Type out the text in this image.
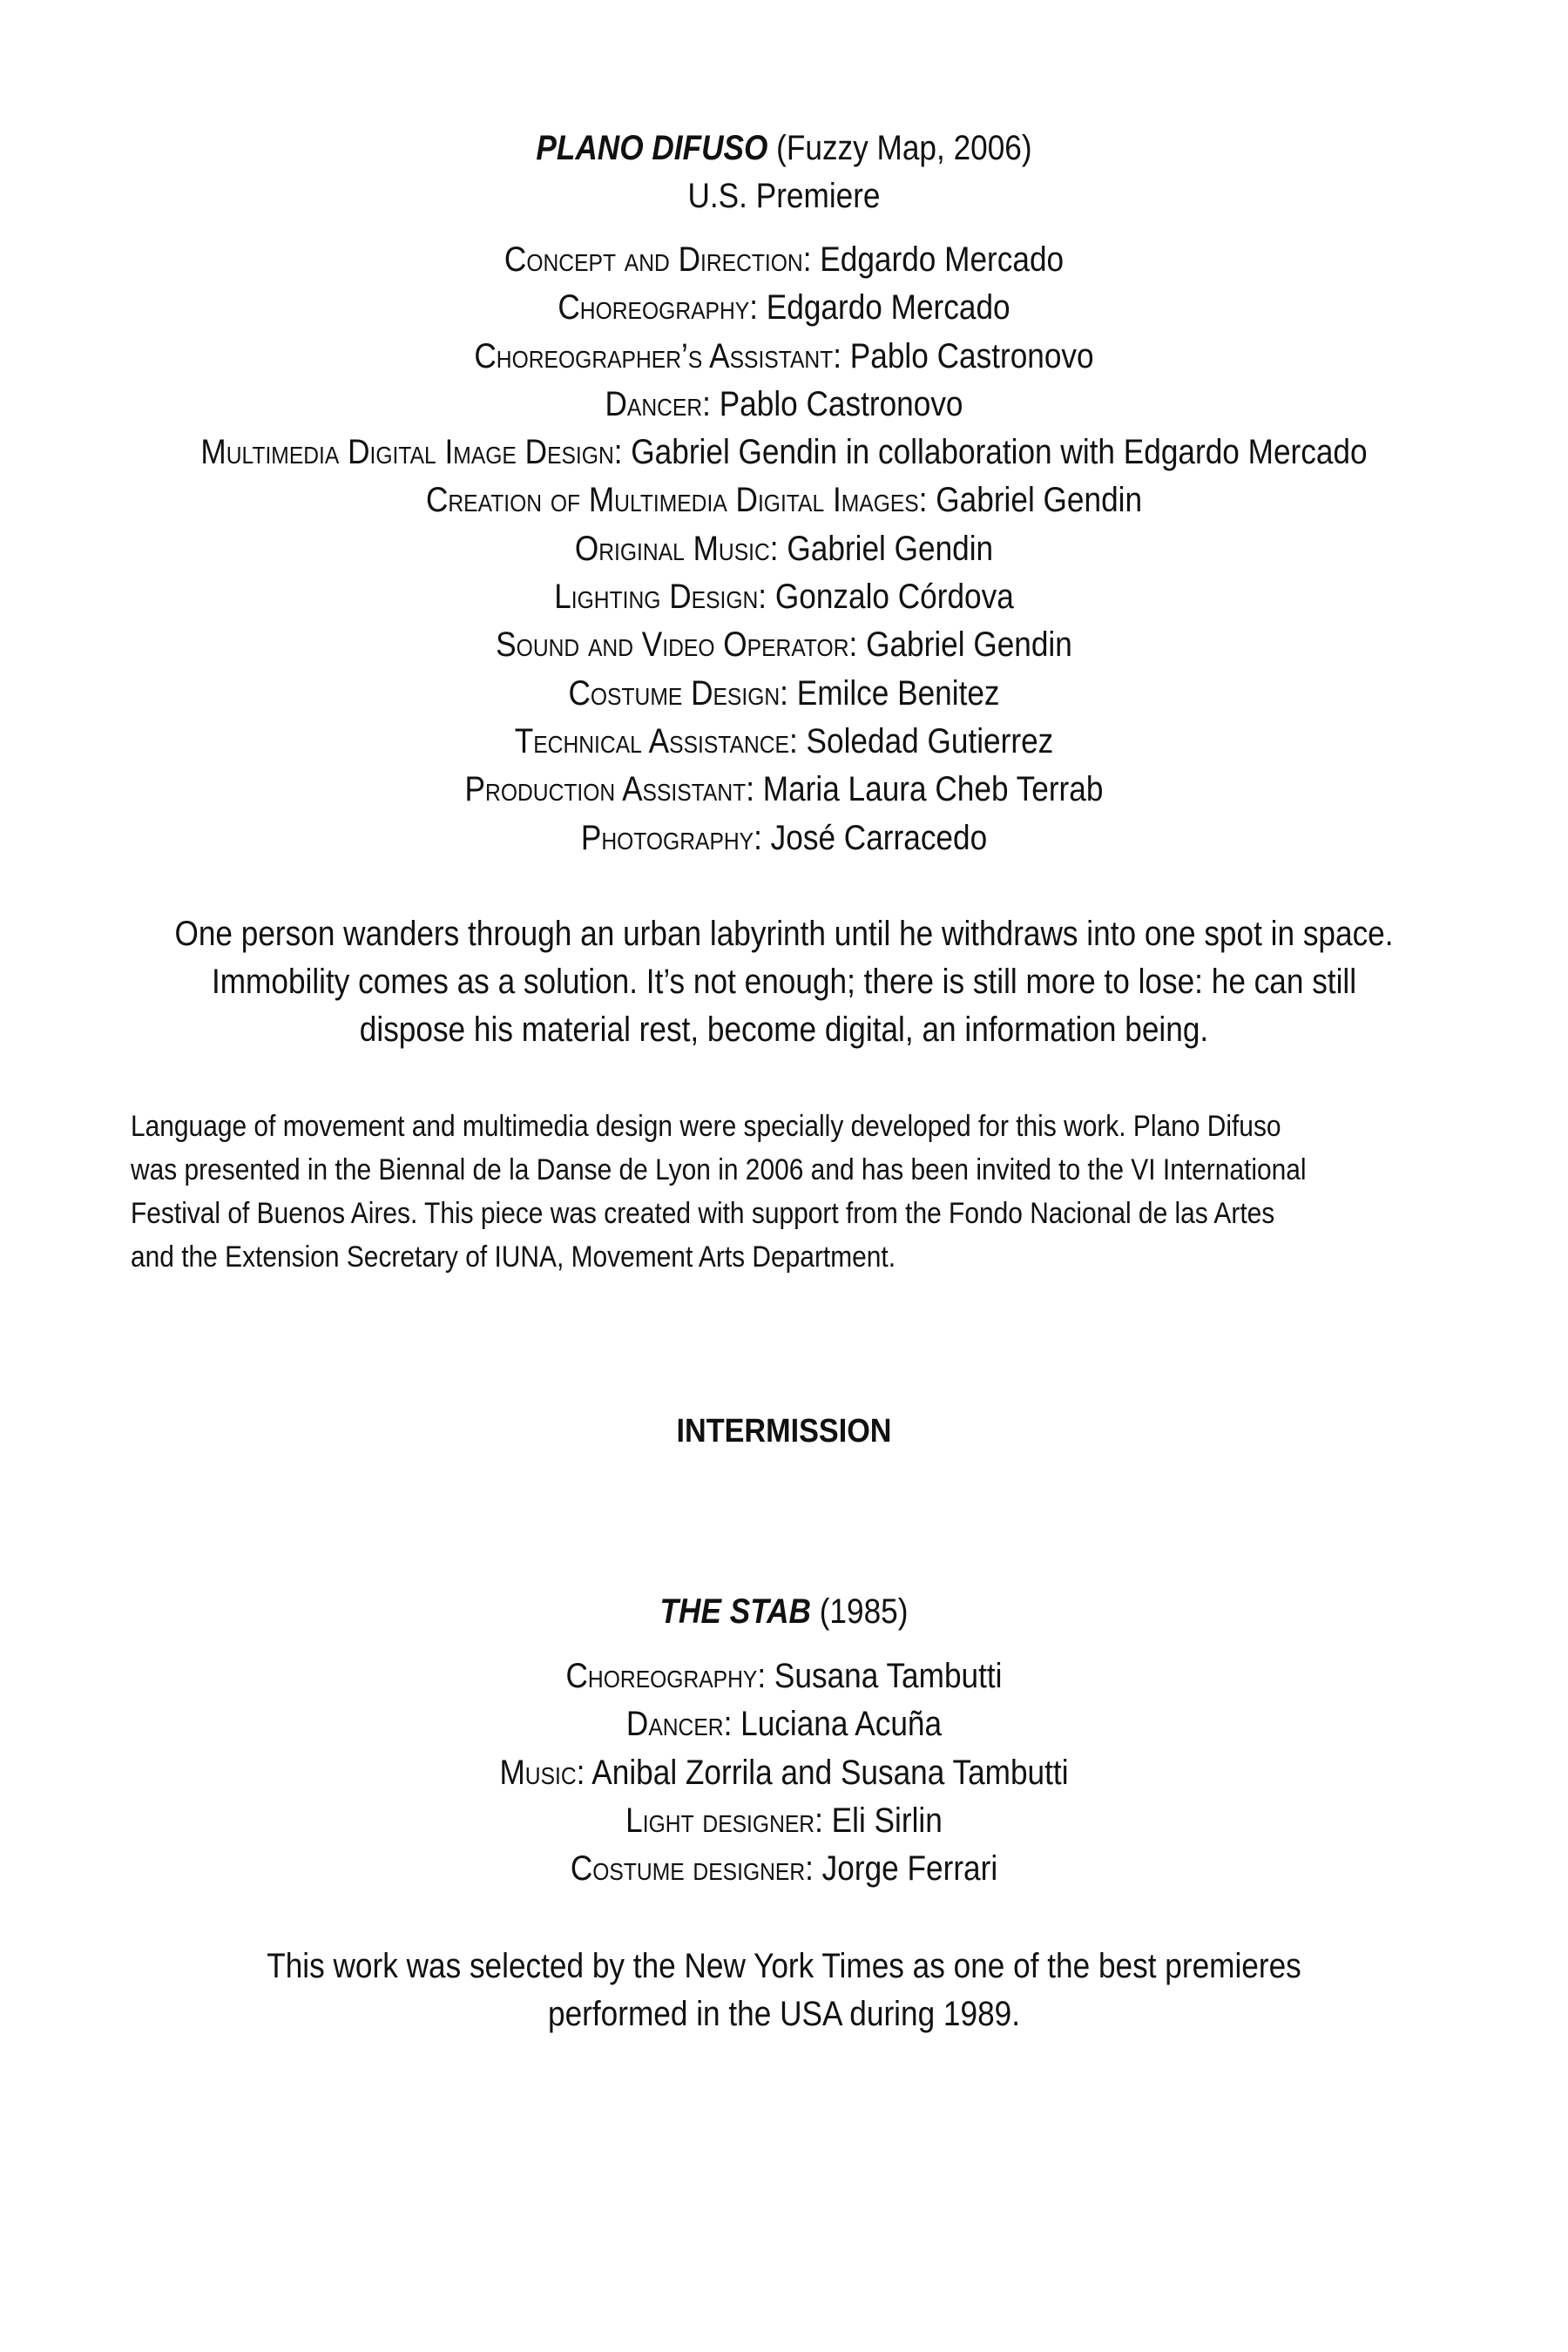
PLANO DIFUSO (Fuzzy Map, 2006)
U.S. Premiere
Concept and Direction: Edgardo Mercado
Choreography: Edgardo Mercado
Choreographer’s Assistant: Pablo Castronovo
Dancer: Pablo Castronovo
Multimedia Digital Image Design: Gabriel Gendin in collaboration with Edgardo Mercado
Creation of Multimedia Digital Images: Gabriel Gendin
Original Music: Gabriel Gendin
Lighting Design: Gonzalo Córdova
Sound and Video Operator: Gabriel Gendin
Costume Design: Emilce Benitez
Technical Assistance: Soledad Gutierrez
Production Assistant: Maria Laura Cheb Terrab
Photography: José Carracedo
One person wanders through an urban labyrinth until he withdraws into one spot in space.
Immobility comes as a solution. It’s not enough; there is still more to lose: he can still
dispose his material rest, become digital, an information being.
Language of movement and multimedia design were specially developed for this work. Plano Difuso
was presented in the Biennal de la Danse de Lyon in 2006 and has been invited to the VI International
Festival of Buenos Aires. This piece was created with support from the Fondo Nacional de las Artes
and the Extension Secretary of IUNA, Movement Arts Department.
INTERMISSION
THE STAB (1985)
Choreography: Susana Tambutti
Dancer: Luciana Acuña
Music: Anibal Zorrila and Susana Tambutti
Light designer: Eli Sirlin
Costume designer: Jorge Ferrari
This work was selected by the New York Times as one of the best premieres
performed in the USA during 1989.
